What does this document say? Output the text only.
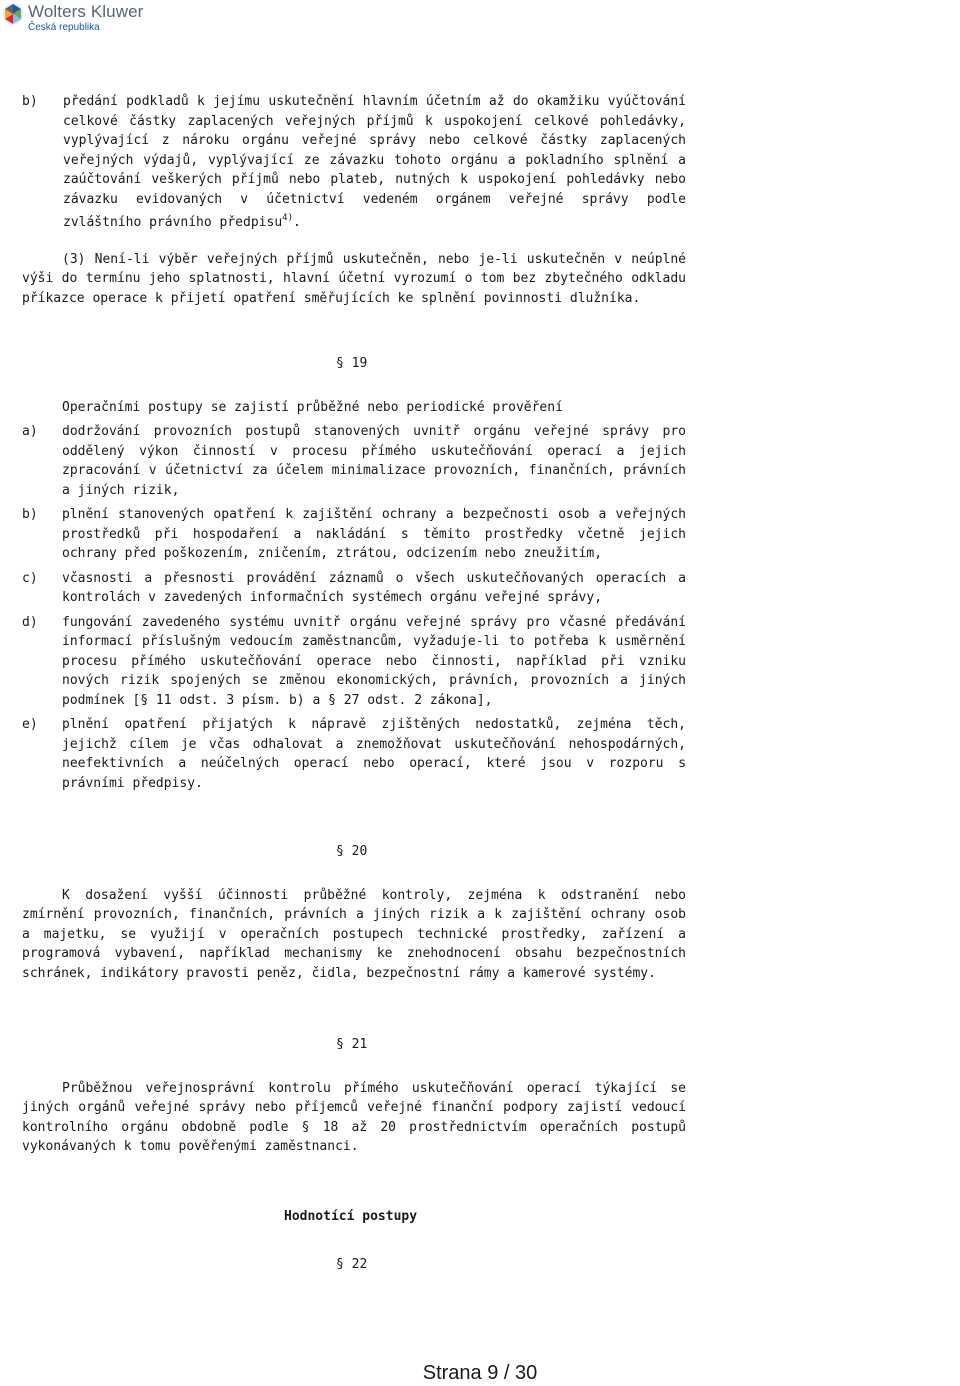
Wolters Kluwer
Česká republika
b)	předání podkladů k jejímu uskutečnění hlavním účetním až do okamžiku vyúčtování celkové částky zaplacených veřejných příjmů k uspokojení celkové pohledávky, vyplývající z nároku orgánu veřejné správy nebo celkové částky zaplacených veřejných výdajů, vyplývající ze závazku tohoto orgánu a pokladního splnění a zaúčtování veškerých příjmů nebo plateb, nutných k uspokojení pohledávky nebo závazku evidovaných v účetnictví vedeném orgánem veřejné správy podle zvláštního právního předpisu$^{4)}$.

(3) Není-li výběr veřejných příjmů uskutečněn, nebo je-li uskutečněn v neúplné výši do termínu jeho splatnosti, hlavní účetní vyrozumí o tom bez zbytečného odkladu příkazce operace k přijetí opatření směřujících ke splnění povinnosti dlužníka.

§ 19

Operačními postupy se zajistí průběžné nebo periodické prověření

a)	dodržování provozních postupů stanovených uvnitř orgánu veřejné správy pro oddělený výkon činností v procesu přímého uskutečňování operací a jejich zpracování v účetnictví za účelem minimalizace provozních, finančních, právních a jiných rizik,
b)	plnění stanovených opatření k zajištění ochrany a bezpečnosti osob a veřejných prostředků při hospodaření a nakládání s těmito prostředky včetně jejich ochrany před poškozením, zničením, ztrátou, odcizením nebo zneužitím,
c)	včasnosti a přesnosti provádění záznamů o všech uskutečňovaných operacích a kontrolách v zavedených informačních systémech orgánu veřejné správy,
d)	fungování zavedeného systému uvnitř orgánu veřejné správy pro včasné předávání informací příslušným vedoucím zaměstnancům, vyžaduje-li to potřeba k usměrnění procesu přímého uskutečňování operace nebo činnosti, například při vzniku nových rizik spojených se změnou ekonomických, právních, provozních a jiných podmínek [§ 11 odst. 3 písm. b) a § 27 odst. 2 zákona],
e)	plnění opatření přijatých k nápravě zjištěných nedostatků, zejména těch, jejichž cílem je včas odhalovat a znemožňovat uskutečňování nehospodárných, neefektivních a neúčelných operací nebo operací, které jsou v rozporu s právními předpisy.
§ 20

K dosažení vyšší účinnosti průběžné kontroly, zejména k odstranění nebo zmírnění provozních, finančních, právních a jiných rizik a k zajištění ochrany osob a majetku, se využijí v operačních postupech technické prostředky, zařízení a programová vybavení, například mechanismy ke znehodnocení obsahu bezpečnostních schránek, indikátory pravosti peněz, čidla, bezpečnostní rámy a kamerové systémy.

§ 21

Průběžnou veřejnosprávní kontrolu přímého uskutečňování operací týkající se jiných orgánů veřejné správy nebo příjemců veřejné finanční podpory zajistí vedoucí kontrolního orgánu obdobně podle § 18 až 20 prostřednictvím operačních postupů vykonávaných k tomu pověřenými zaměstnanci.

Hodnotící postupy
§ 22
Strana 9 / 30
